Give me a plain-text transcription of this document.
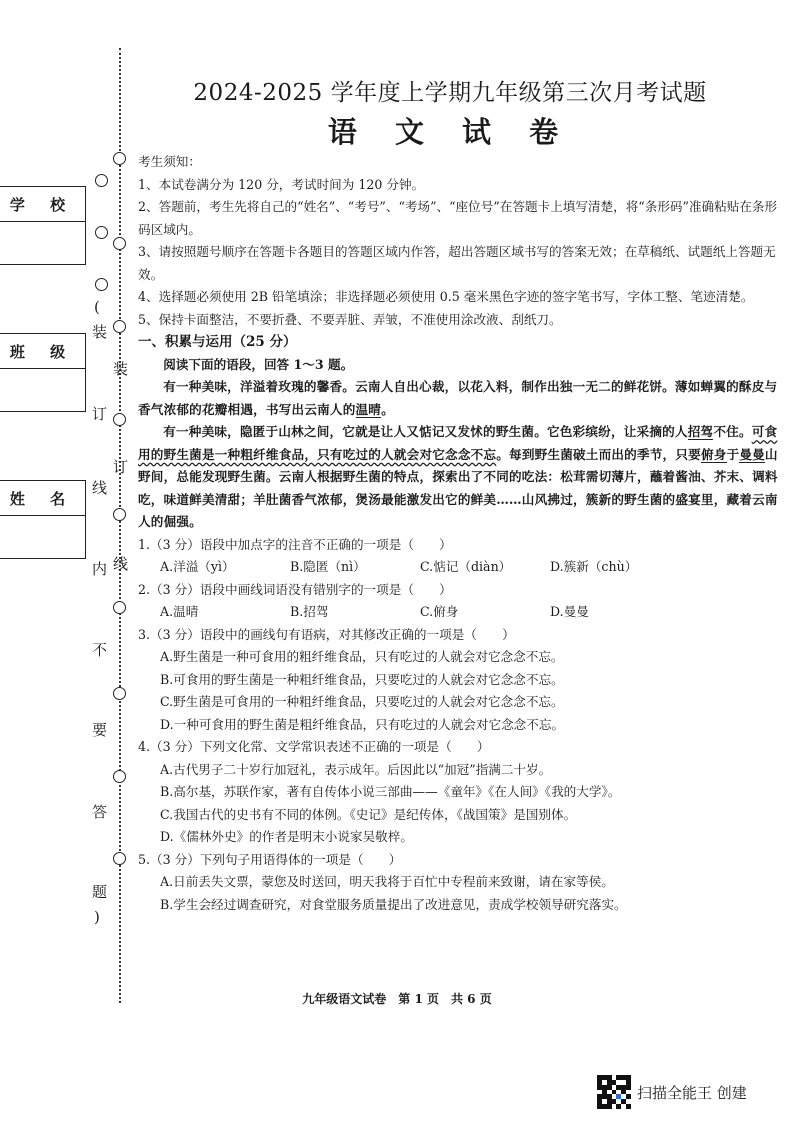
装
订
线
(
装
订
线
内
不
要
答
题
)
学 校
班 级
姓 名
2024-2025 学年度上学期九年级第三次月考试题
语 文 试 卷

考生须知：

1、本试卷满分为 120 分，考试时间为 120 分钟。

2、答题前，考生先将自己的“姓名”、“考号”、“考场”、“座位号”在答题卡上填写清楚，将“条形码”准确粘贴在条形码区域内。

3、请按照题号顺序在答题卡各题目的答题区域内作答，超出答题区域书写的答案无效；在草稿纸、试题纸上答题无效。

4、选择题必须使用 2B 铅笔填涂；非选择题必须使用 0.5 毫米黑色字迹的签字笔书写，字体工整、笔迹清楚。

5、保持卡面整洁，不要折叠、不要弄脏、弄皱，不准使用涂改液、刮纸刀。

一、积累与运用（25 分）

阅读下面的语段，回答 1～3 题。

有一种美味，洋溢着玫瑰的馨香。云南人自出心裁，以花入料，制作出独一无二的鲜花饼。薄如蝉翼的酥皮与香气浓郁的花瓣相遇，书写出云南人的温晴。

有一种美味，隐匿于山林之间，它就是让人又惦记又发怵的野生菌。它色彩缤纷，让采摘的人招驾不住。可食用的野生菌是一种粗纤维食品，只有吃过的人就会对它念念不忘。每到野生菌破土而出的季节，只要俯身于曼曼山野间，总能发现野生菌。云南人根据野生菌的特点，探索出了不同的吃法：松茸需切薄片，蘸着酱油、芥末、调料吃，味道鲜美清甜；羊肚菌香气浓郁，煲汤最能激发出它的鲜美……山风拂过，簇新的野生菌的盛宴里，藏着云南人的倔强。

1.（3 分）语段中加点字的注音不正确的一项是（　　）

A.洋溢（yì）	B.隐匿（nì）	C.惦记（diàn）	D.簇新（chù）

2.（3 分）语段中画线词语没有错别字的一项是（　　）

A.温晴	B.招驾	C.俯身	D.曼曼

3.（3 分）语段中的画线句有语病，对其修改正确的一项是（　　）

A.野生菌是一种可食用的粗纤维食品，只有吃过的人就会对它念念不忘。

B.可食用的野生菌是一种粗纤维食品，只要吃过的人就会对它念念不忘。

C.野生菌是可食用的一种粗纤维食品，只要吃过的人就会对它念念不忘。

D.一种可食用的野生菌是粗纤维食品，只有吃过的人就会对它念念不忘。

4.（3 分）下列文化常、文学常识表述不正确的一项是（　　）

A.古代男子二十岁行加冠礼，表示成年。后因此以“加冠”指满二十岁。

B.高尔基，苏联作家，著有自传体小说三部曲——《童年》《在人间》《我的大学》。

C.我国古代的史书有不同的体例。《史记》是纪传体，《战国策》是国别体。

D.《儒林外史》的作者是明末小说家吴敬梓。

5.（3 分）下列句子用语得体的一项是（　　）

A.日前丢失文票，蒙您及时送回，明天我将于百忙中专程前来致谢，请在家等侯。

B.学生会经过调查研究，对食堂服务质量提出了改进意见，责成学校领导研究落实。

九年级语文试卷　第 1 页　共 6 页
扫描全能王 创建
